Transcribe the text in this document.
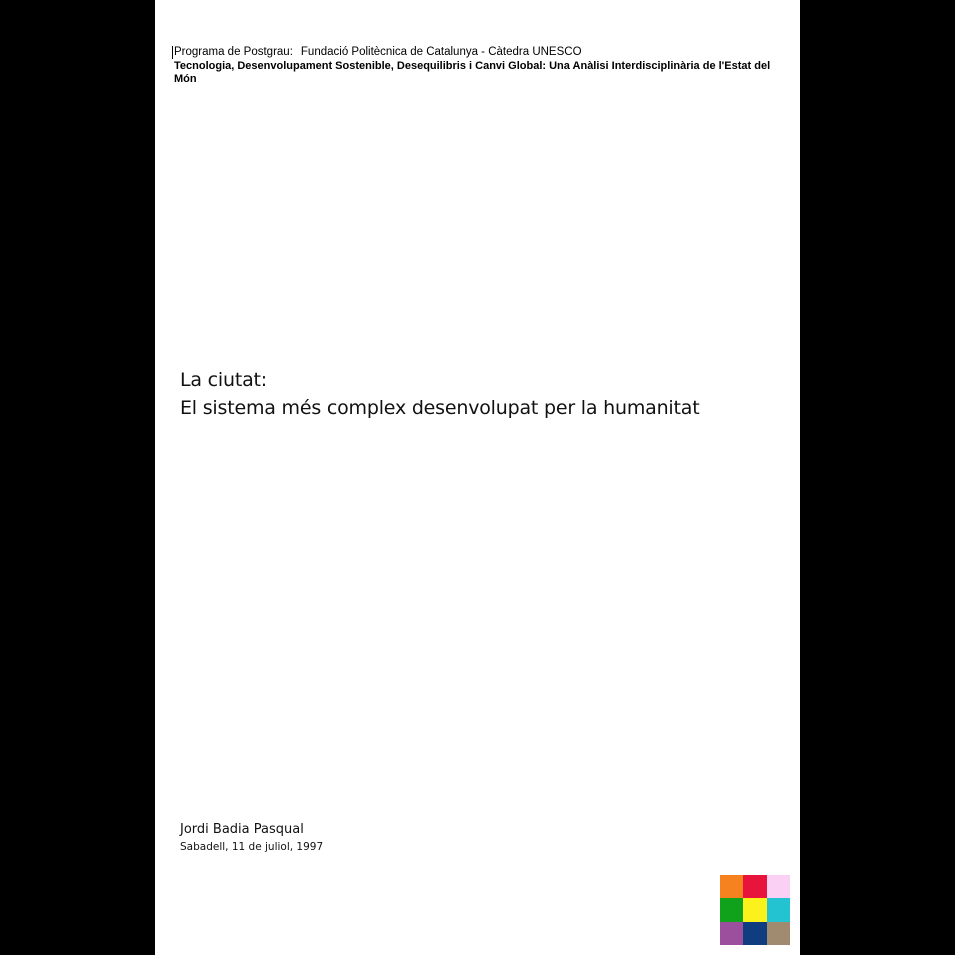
Programa de Postgrau: Fundació Politècnica de Catalunya - Càtedra UNESCO
Tecnologia, Desenvolupament Sostenible, Desequilibris i Canvi Global: Una Anàlisi Interdisciplinària de l'Estat del Món
La ciutat:
El sistema més complex desenvolupat per la humanitat
Jordi Badia Pasqual
Sabadell, 11 de juliol, 1997
